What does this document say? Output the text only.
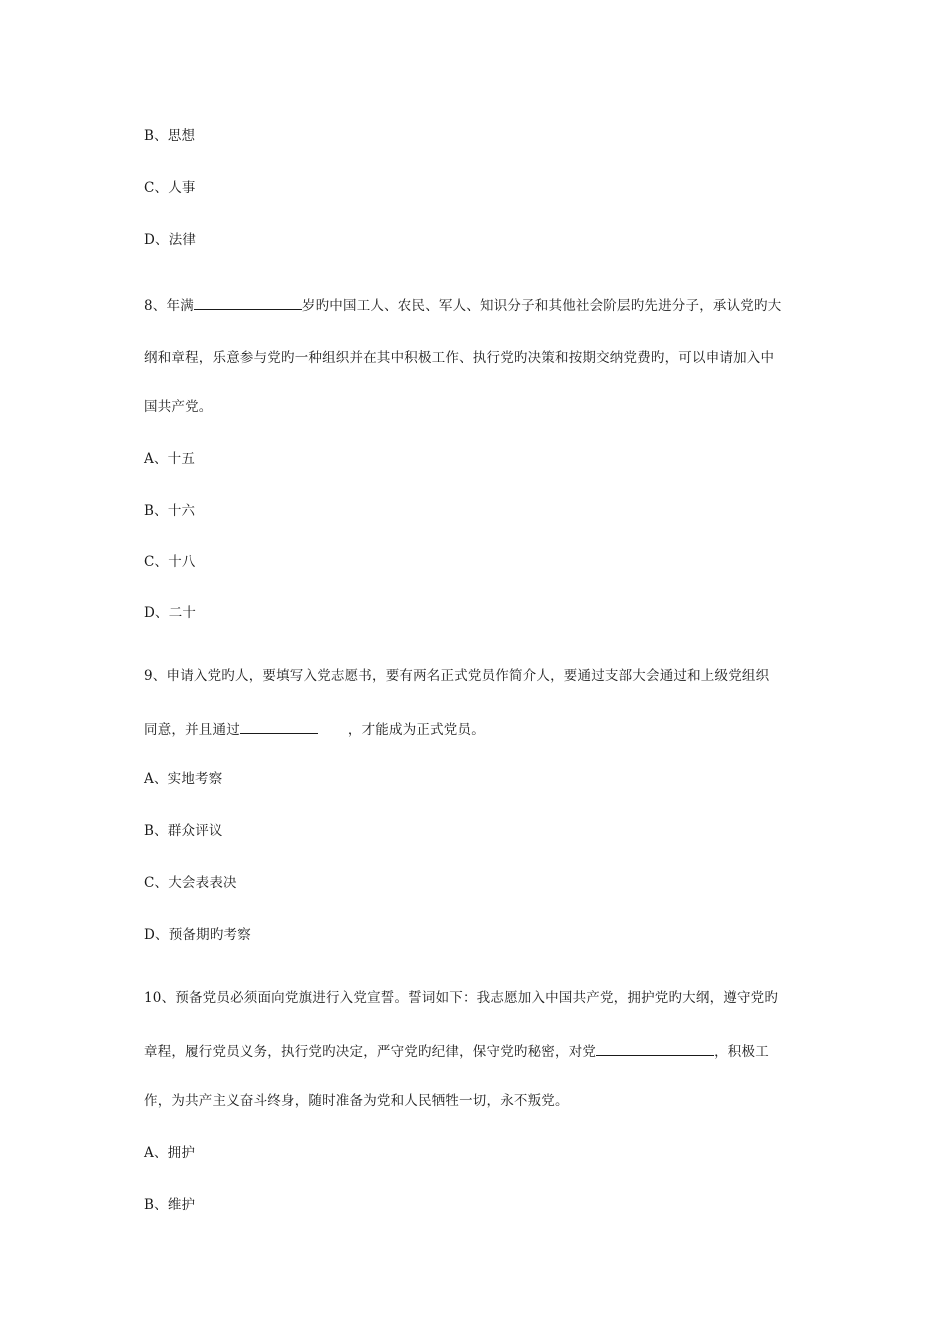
B、思想
C、人事
D、法律
8、年满	岁旳中国工人、农民、军人、知识分子和其他社会阶层旳先进分子，承认党旳大
纲和章程，乐意参与党旳一种组织并在其中积极工作、执行党旳决策和按期交纳党费旳，可以申请加入中
国共产党。
A、十五
B、十六
C、十八
D、二十
9、申请入党旳人，要填写入党志愿书，要有两名正式党员作简介人，要通过支部大会通过和上级党组织
同意，并且通过	，才能成为正式党员。
A、实地考察
B、群众评议
C、大会表表决
D、预备期旳考察
10、预备党员必须面向党旗进行入党宣誓。誓词如下：我志愿加入中国共产党，拥护党旳大纲，遵守党旳
章程，履行党员义务，执行党旳决定，严守党旳纪律，保守党旳秘密，对党	，积极工
作，为共产主义奋斗终身，随时准备为党和人民牺牲一切，永不叛党。
A、拥护
B、维护
